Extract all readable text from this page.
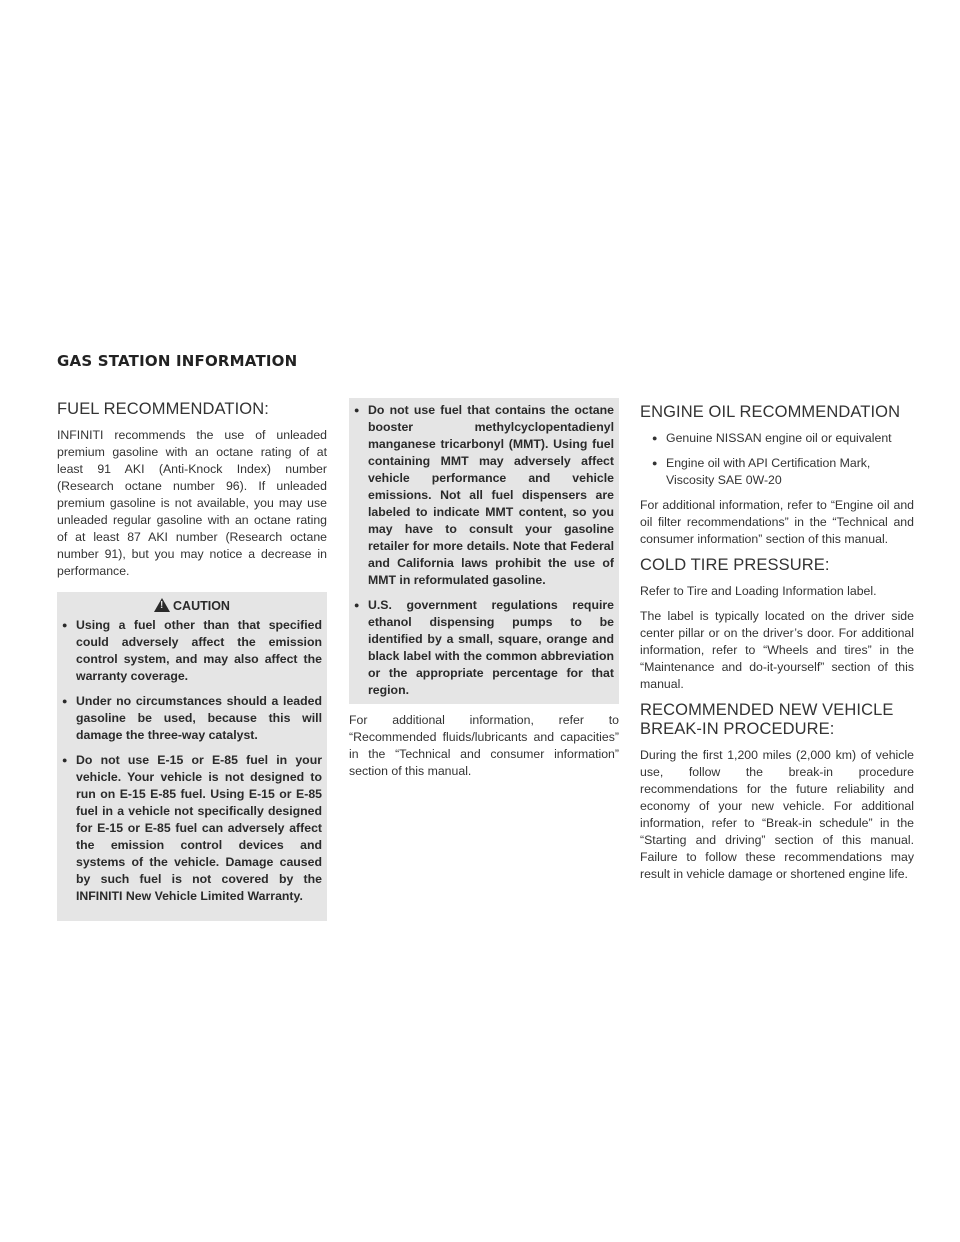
GAS STATION INFORMATION
FUEL RECOMMENDATION:

INFINITI recommends the use of unleaded premium gasoline with an octane rating of at least 91 AKI (Anti-Knock Index) number (Research octane number 96). If unleaded premium gasoline is not available, you may use unleaded regular gasoline with an octane rating of at least 87 AKI number (Research octane number 91), but you may notice a decrease in performance.

!CAUTION
● Using a fuel other than that specified could adversely affect the emission control system, and may also affect the warranty coverage.
● Under no circumstances should a leaded gasoline be used, because this will damage the three-way catalyst.
● Do not use E-15 or E-85 fuel in your vehicle. Your vehicle is not designed to run on E-15 E-85 fuel. Using E-15 or E-85 fuel in a vehicle not specifically designed for E-15 or E-85 fuel can adversely affect the emission control devices and systems of the vehicle. Damage caused by such fuel is not covered by the INFINITI New Vehicle Limited Warranty.
● Do not use fuel that contains the octane booster methylcyclopentadienyl manganese tricarbonyl (MMT). Using fuel containing MMT may adversely affect vehicle performance and vehicle emissions. Not all fuel dispensers are labeled to indicate MMT content, so you may have to consult your gasoline retailer for more details. Note that Federal and California laws prohibit the use of MMT in reformulated gasoline.
● U.S. government regulations require ethanol dispensing pumps to be identified by a small, square, orange and black label with the common abbreviation or the appropriate percentage for that region.

For additional information, refer to “Recommended fluids/lubricants and capacities” in the “Technical and consumer information” section of this manual.

ENGINE OIL RECOMMENDATION
● Genuine NISSAN engine oil or equivalent
● Engine oil with API Certification Mark, Viscosity SAE 0W-20

For additional information, refer to “Engine oil and oil filter recommendations” in the “Technical and consumer information” section of this manual.

COLD TIRE PRESSURE:

Refer to Tire and Loading Information label.

The label is typically located on the driver side center pillar or on the driver’s door. For additional information, refer to “Wheels and tires” in the “Maintenance and do-it-yourself” section of this manual.

RECOMMENDED NEW VEHICLE BREAK-IN PROCEDURE:

During the first 1,200 miles (2,000 km) of vehicle use, follow the break-in procedure recommendations for the future reliability and economy of your new vehicle. For additional information, refer to “Break-in schedule” in the “Starting and driving” section of this manual. Failure to follow these recommendations may result in vehicle damage or shortened engine life.
